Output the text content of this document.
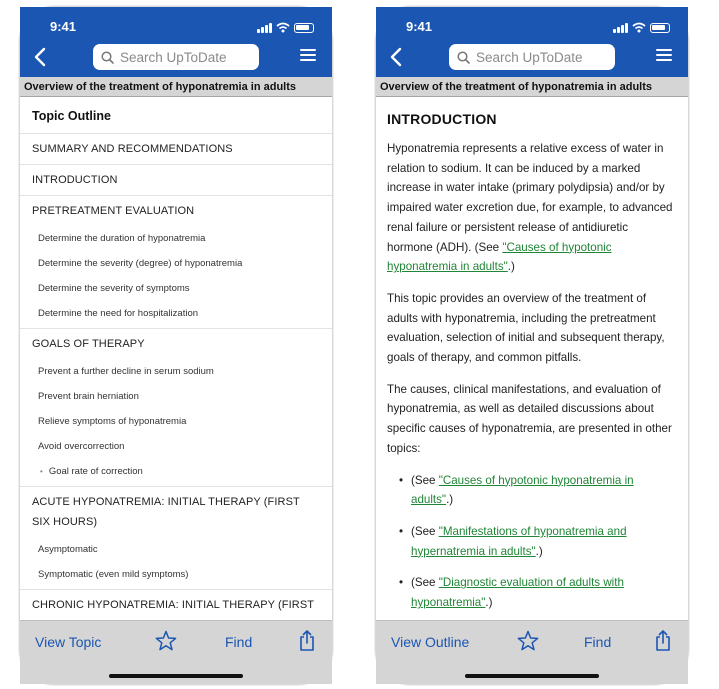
9:41
Search UpToDate
Overview of the treatment of hyponatremia in adults
Topic Outline
SUMMARY AND RECOMMENDATIONS
INTRODUCTION
PRETREATMENT EVALUATION
Determine the duration of hyponatremia
Determine the severity (degree) of hyponatremia
Determine the severity of symptoms
Determine the need for hospitalization
GOALS OF THERAPY
Prevent a further decline in serum sodium
Prevent brain herniation
Relieve symptoms of hyponatremia
Avoid overcorrection
• Goal rate of correction
ACUTE HYPONATREMIA: INITIAL THERAPY (FIRST SIX HOURS)
Asymptomatic
Symptomatic (even mild symptoms)
CHRONIC HYPONATREMIA: INITIAL THERAPY (FIRST
View Topic	Find
9:41
Search UpToDate
Overview of the treatment of hyponatremia in adults
INTRODUCTION

Hyponatremia represents a relative excess of water in relation to sodium. It can be induced by a marked increase in water intake (primary polydipsia) and/or by impaired water excretion due, for example, to advanced renal failure or persistent release of antidiuretic hormone (ADH). (See "Causes of hypotonic hyponatremia in adults".)

This topic provides an overview of the treatment of adults with hyponatremia, including the pretreatment evaluation, selection of initial and subsequent therapy, goals of therapy, and common pitfalls.

The causes, clinical manifestations, and evaluation of hyponatremia, as well as detailed discussions about specific causes of hyponatremia, are presented in other topics:

• (See "Causes of hypotonic hyponatremia in adults".)
• (See "Manifestations of hyponatremia and hypernatremia in adults".)
• (See "Diagnostic evaluation of adults with hyponatremia".)
View Outline	Find
